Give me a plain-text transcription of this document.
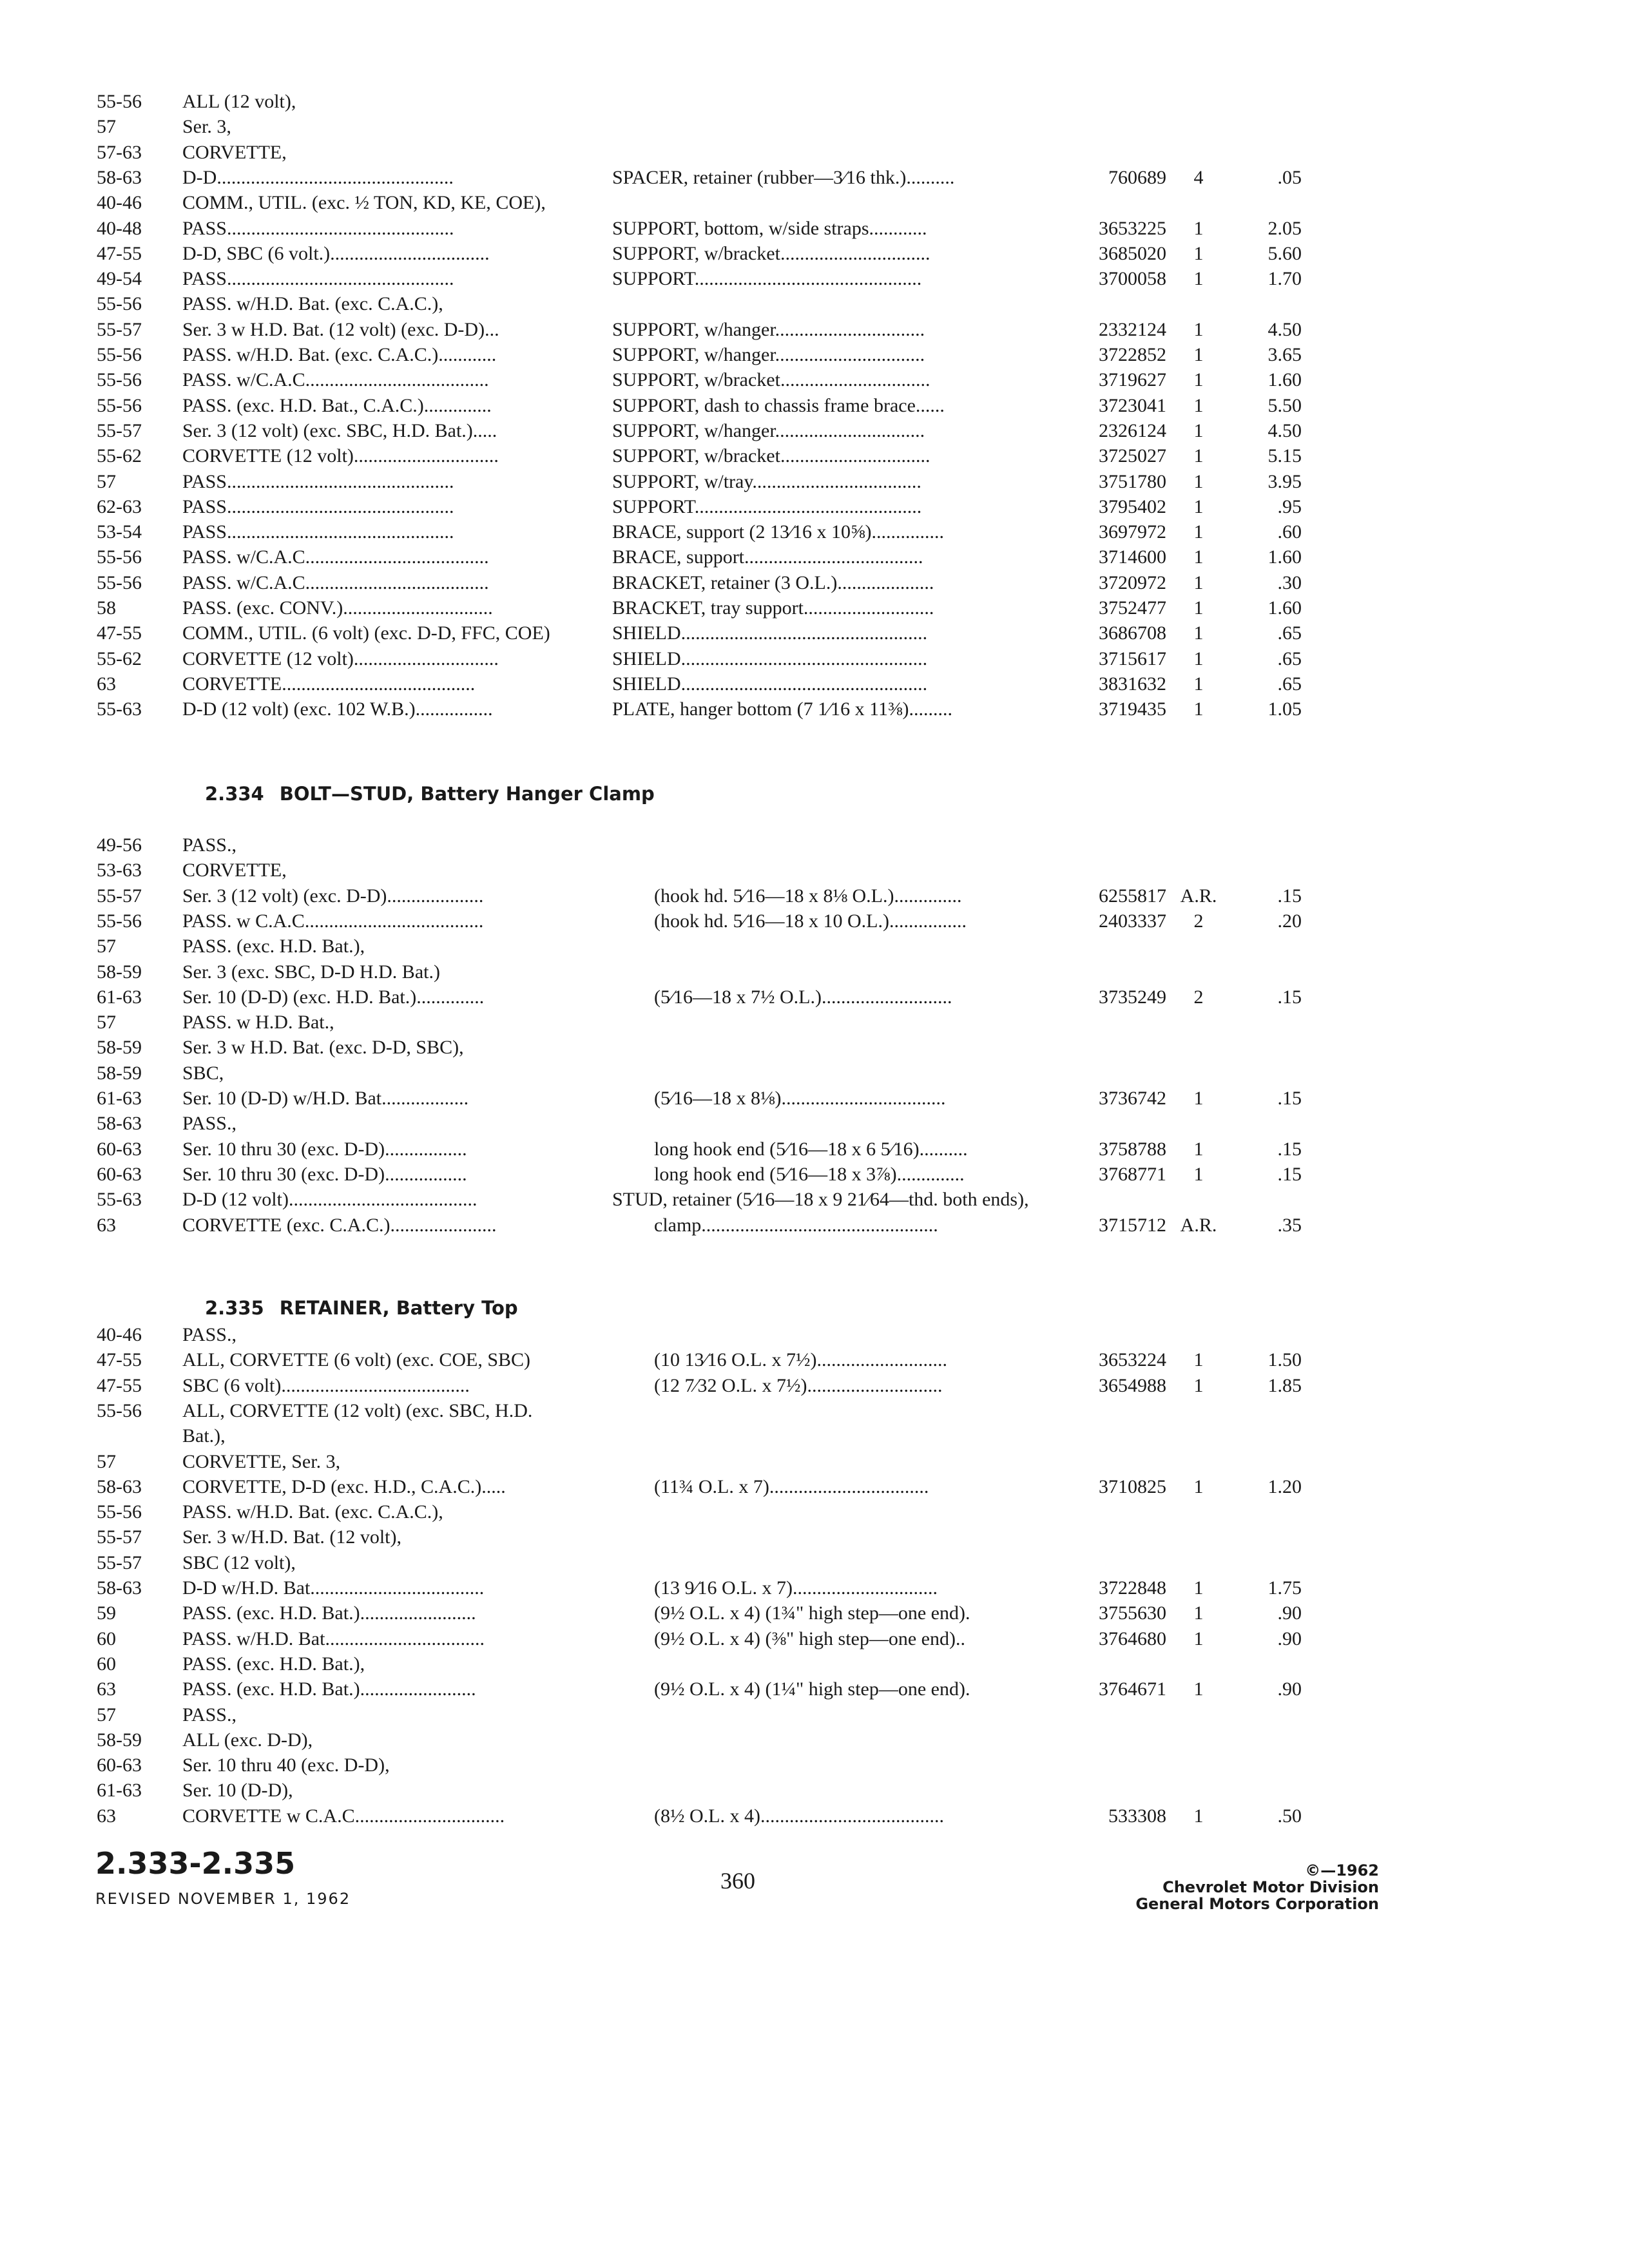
55-56 ALL (12 volt),
57	Ser. 3,
57-63 CORVETTE,
58-63 D-D.................................................	SPACER, retainer (rubber—3⁄16 thk.)..........	760689	4	.05
40-46 COMM., UTIL. (exc. ½ TON, KD, KE, COE),
40-48 PASS...............................................	SUPPORT, bottom, w/side straps............	3653225	1	2.05
47-55 D-D, SBC (6 volt.).................................	SUPPORT, w/bracket...............................	3685020	1	5.60
49-54 PASS...............................................	SUPPORT...............................................	3700058	1	1.70
55-56 PASS. w/H.D. Bat. (exc. C.A.C.),
55-57 Ser. 3 w H.D. Bat. (12 volt) (exc. D-D)...	SUPPORT, w/hanger...............................	2332124	1	4.50
55-56 PASS. w/H.D. Bat. (exc. C.A.C.)............	SUPPORT, w/hanger...............................	3722852	1	3.65
55-56 PASS. w/C.A.C......................................	SUPPORT, w/bracket...............................	3719627	1	1.60
55-56 PASS. (exc. H.D. Bat., C.A.C.)..............	SUPPORT, dash to chassis frame brace......	3723041	1	5.50
55-57 Ser. 3 (12 volt) (exc. SBC, H.D. Bat.).....	SUPPORT, w/hanger...............................	2326124	1	4.50
55-62 CORVETTE (12 volt)..............................	SUPPORT, w/bracket...............................	3725027	1	5.15
57	PASS...............................................	SUPPORT, w/tray...................................	3751780	1	3.95
62-63 PASS...............................................	SUPPORT...............................................	3795402	1	.95
53-54 PASS...............................................	BRACE, support (2 13⁄16 x 10⅝)...............	3697972	1	.60
55-56 PASS. w/C.A.C......................................	BRACE, support.....................................	3714600	1	1.60
55-56 PASS. w/C.A.C......................................	BRACKET, retainer (3 O.L.)....................	3720972	1	.30
58	PASS. (exc. CONV.)...............................	BRACKET, tray support...........................	3752477	1	1.60
47-55 COMM., UTIL. (6 volt) (exc. D-D, FFC, COE)	SHIELD...................................................	3686708	1	.65
55-62 CORVETTE (12 volt)..............................	SHIELD...................................................	3715617	1	.65
63	CORVETTE........................................	SHIELD...................................................	3831632	1	.65
55-63 D-D (12 volt) (exc. 102 W.B.)................	PLATE, hanger bottom (7 1⁄16 x 11⅜).........	3719435	1	1.05
2.334 BOLT—STUD, Battery Hanger Clamp
49-56 PASS.,
53-63 CORVETTE,
55-57 Ser. 3 (12 volt) (exc. D-D)....................	(hook hd. 5⁄16—18 x 8⅛ O.L.)..............	6255817 A.R.	.15
55-56 PASS. w C.A.C.....................................	(hook hd. 5⁄16—18 x 10 O.L.)................	2403337	2	.20
57	PASS. (exc. H.D. Bat.),
58-59 Ser. 3 (exc. SBC, D-D H.D. Bat.)
61-63 Ser. 10 (D-D) (exc. H.D. Bat.)..............	(5⁄16—18 x 7½ O.L.)...........................	3735249	2	.15
57	PASS. w H.D. Bat.,
58-59 Ser. 3 w H.D. Bat. (exc. D-D, SBC),
58-59 SBC,
61-63 Ser. 10 (D-D) w/H.D. Bat..................	(5⁄16—18 x 8⅛)..................................	3736742	1	.15
58-63 PASS.,
60-63 Ser. 10 thru 30 (exc. D-D).................	long hook end (5⁄16—18 x 6 5⁄16)..........	3758788	1	.15
60-63 Ser. 10 thru 30 (exc. D-D).................	long hook end (5⁄16—18 x 3⅞)..............	3768771	1	.15
55-63 D-D (12 volt).......................................	STUD, retainer (5⁄16—18 x 9 21⁄64—thd. both ends),
63	CORVETTE (exc. C.A.C.)......................	clamp.................................................	3715712 A.R.	.35
2.335 RETAINER, Battery Top
40-46 PASS.,
47-55 ALL, CORVETTE (6 volt) (exc. COE, SBC)	(10 13⁄16 O.L. x 7½)...........................	3653224	1	1.50
47-55 SBC (6 volt).......................................	(12 7⁄32 O.L. x 7½)............................	3654988	1	1.85
55-56 ALL, CORVETTE (12 volt) (exc. SBC, H.D.
Bat.),
57	CORVETTE, Ser. 3,
58-63 CORVETTE, D-D (exc. H.D., C.A.C.).....	(11¾ O.L. x 7).................................	3710825	1	1.20
55-56 PASS. w/H.D. Bat. (exc. C.A.C.),
55-57 Ser. 3 w/H.D. Bat. (12 volt),
55-57 SBC (12 volt),
58-63 D-D w/H.D. Bat....................................	(13 9⁄16 O.L. x 7)..............................	3722848	1	1.75
59	PASS. (exc. H.D. Bat.)........................	(9½ O.L. x 4) (1¾" high step—one end).	3755630	1	.90
60	PASS. w/H.D. Bat.................................	(9½ O.L. x 4) (⅜" high step—one end)..	3764680	1	.90
60	PASS. (exc. H.D. Bat.),
63	PASS. (exc. H.D. Bat.)........................	(9½ O.L. x 4) (1¼" high step—one end).	3764671	1	.90
57	PASS.,
58-59 ALL (exc. D-D),
60-63 Ser. 10 thru 40 (exc. D-D),
61-63 Ser. 10 (D-D),
63	CORVETTE w C.A.C...............................	(8½ O.L. x 4)......................................	533308	1	.50
2.333-2.335
REVISED NOVEMBER 1, 1962
360	©—1962
Chevrolet Motor Division
General Motors Corporation
